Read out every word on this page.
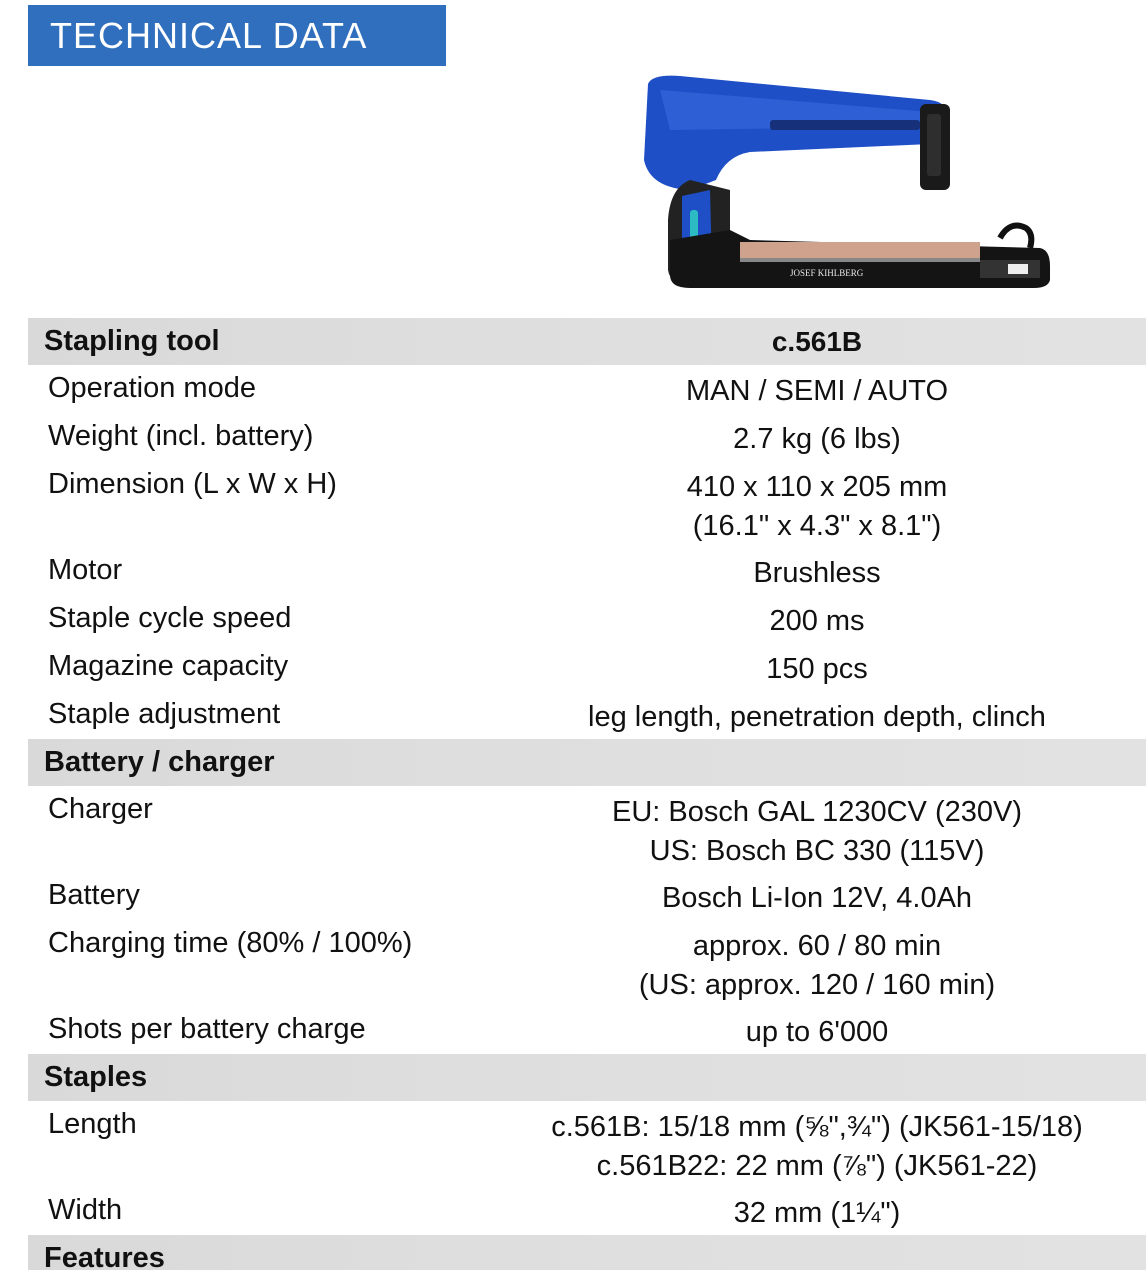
TECHNICAL DATA
JOSEF KIHLBERG
Stapling tool	c.561B
Operation mode	MAN / SEMI / AUTO
Weight (incl. battery)	2.7 kg (6 lbs)
Dimension (L x W x H)	410 x 110 x 205 mm
(16.1" x 4.3" x 8.1")
Motor	Brushless
Staple cycle speed	200 ms
Magazine capacity	150 pcs
Staple adjustment	leg length, penetration depth, clinch
Battery / charger
Charger	EU: Bosch GAL 1230CV (230V)
US: Bosch BC 330 (115V)
Battery	Bosch Li-Ion 12V, 4.0Ah
Charging time (80% / 100%)	approx. 60 / 80 min
(US: approx. 120 / 160 min)
Shots per battery charge	up to 6'000
Staples
Length	c.561B: 15/18 mm (⅝",¾") (JK561-15/18)
c.561B22: 22 mm (⅞") (JK561-22)
Width	32 mm (1¼")
Features
